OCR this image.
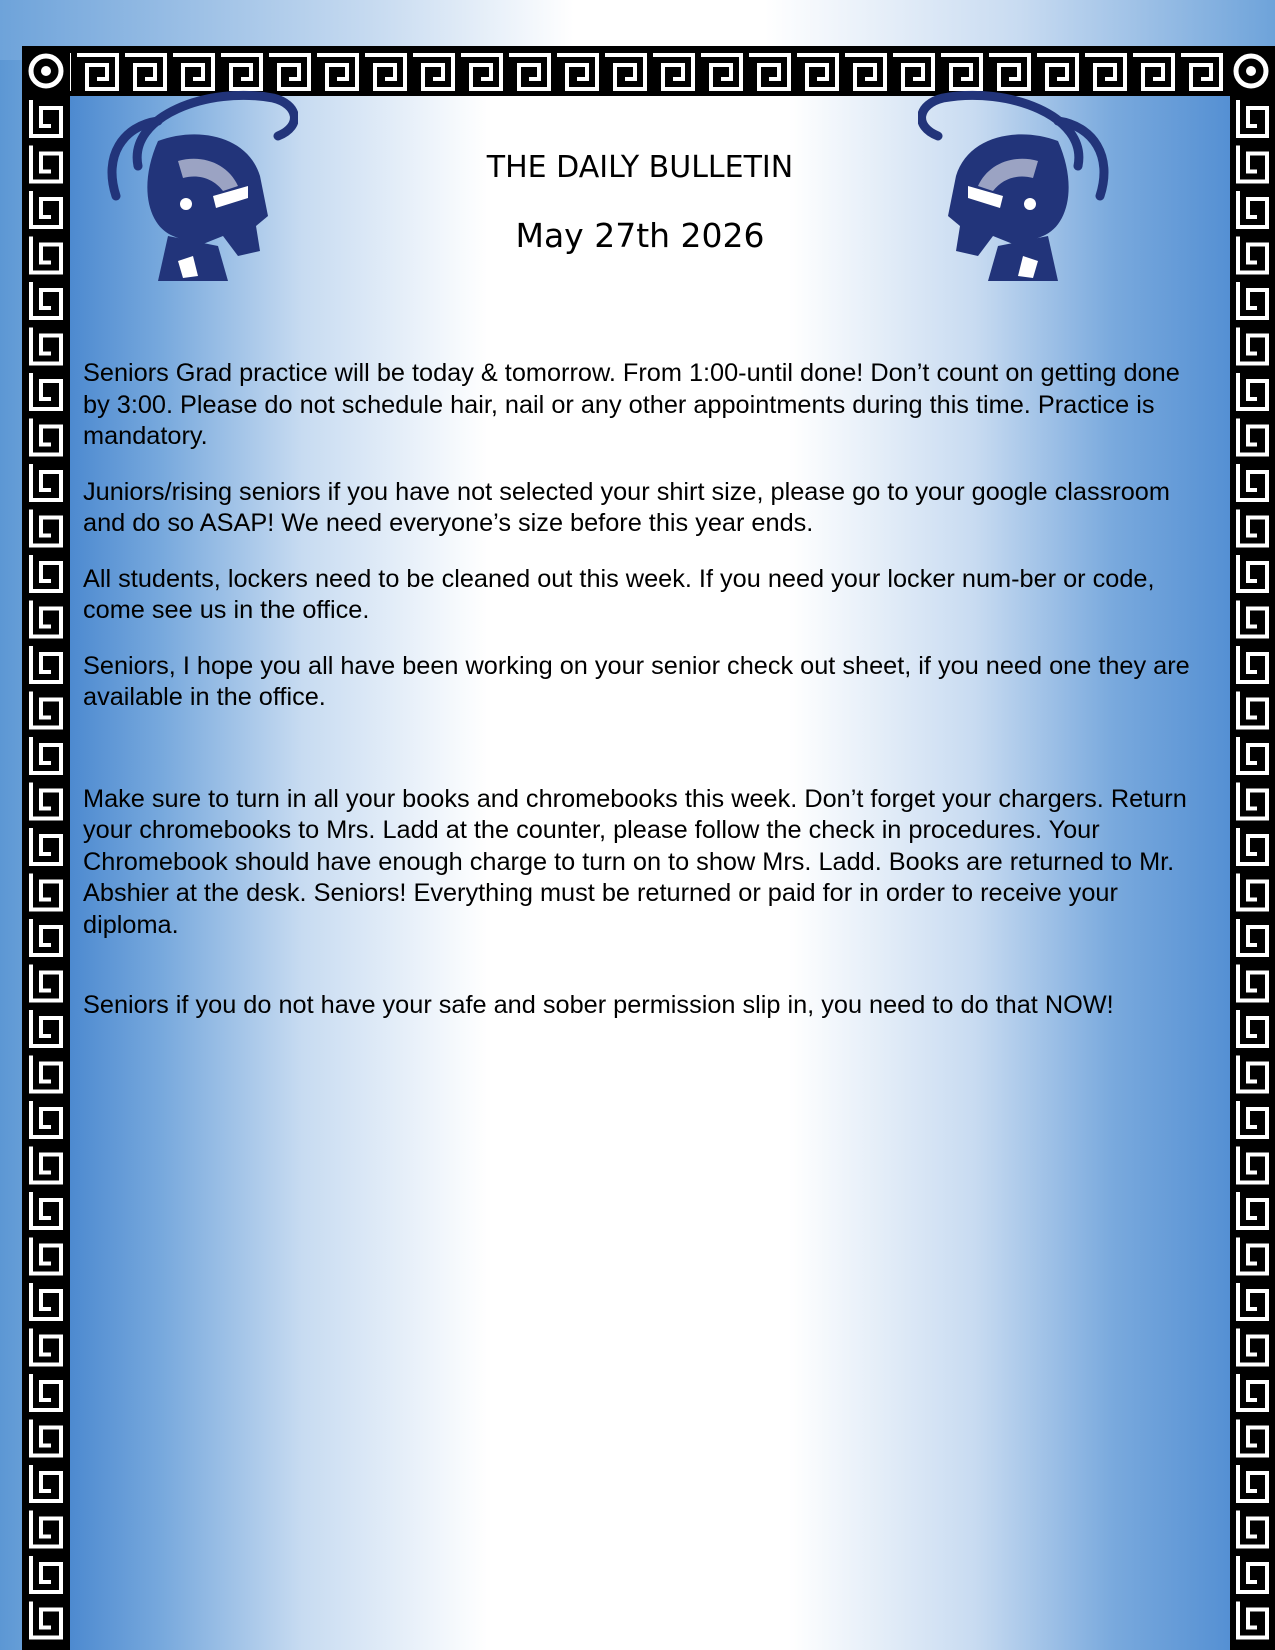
THE DAILY BULLETIN
May 27th 2026

Seniors Grad practice will be today & tomorrow. From 1:00-until done! Don’t count on getting done by 3:00. Please do not schedule hair, nail or any other appointments during this time. Practice is mandatory.

Juniors/rising seniors if you have not selected your shirt size, please go to your google classroom and do so ASAP! We need everyone’s size before this year ends.

All students, lockers need to be cleaned out this week. If you need your locker num-ber or code, come see us in the office.

Seniors, I hope you all have been working on your senior check out sheet, if you need one they are available in the office.

Make sure to turn in all your books and chromebooks this week. Don’t forget your chargers. Return your chromebooks to Mrs. Ladd at the counter, please follow the check in procedures. Your Chromebook should have enough charge to turn on to show Mrs. Ladd. Books are returned to Mr. Abshier at the desk. Seniors! Everything must be returned or paid for in order to receive your diploma.

Seniors if you do not have your safe and sober permission slip in, you need to do that NOW!
